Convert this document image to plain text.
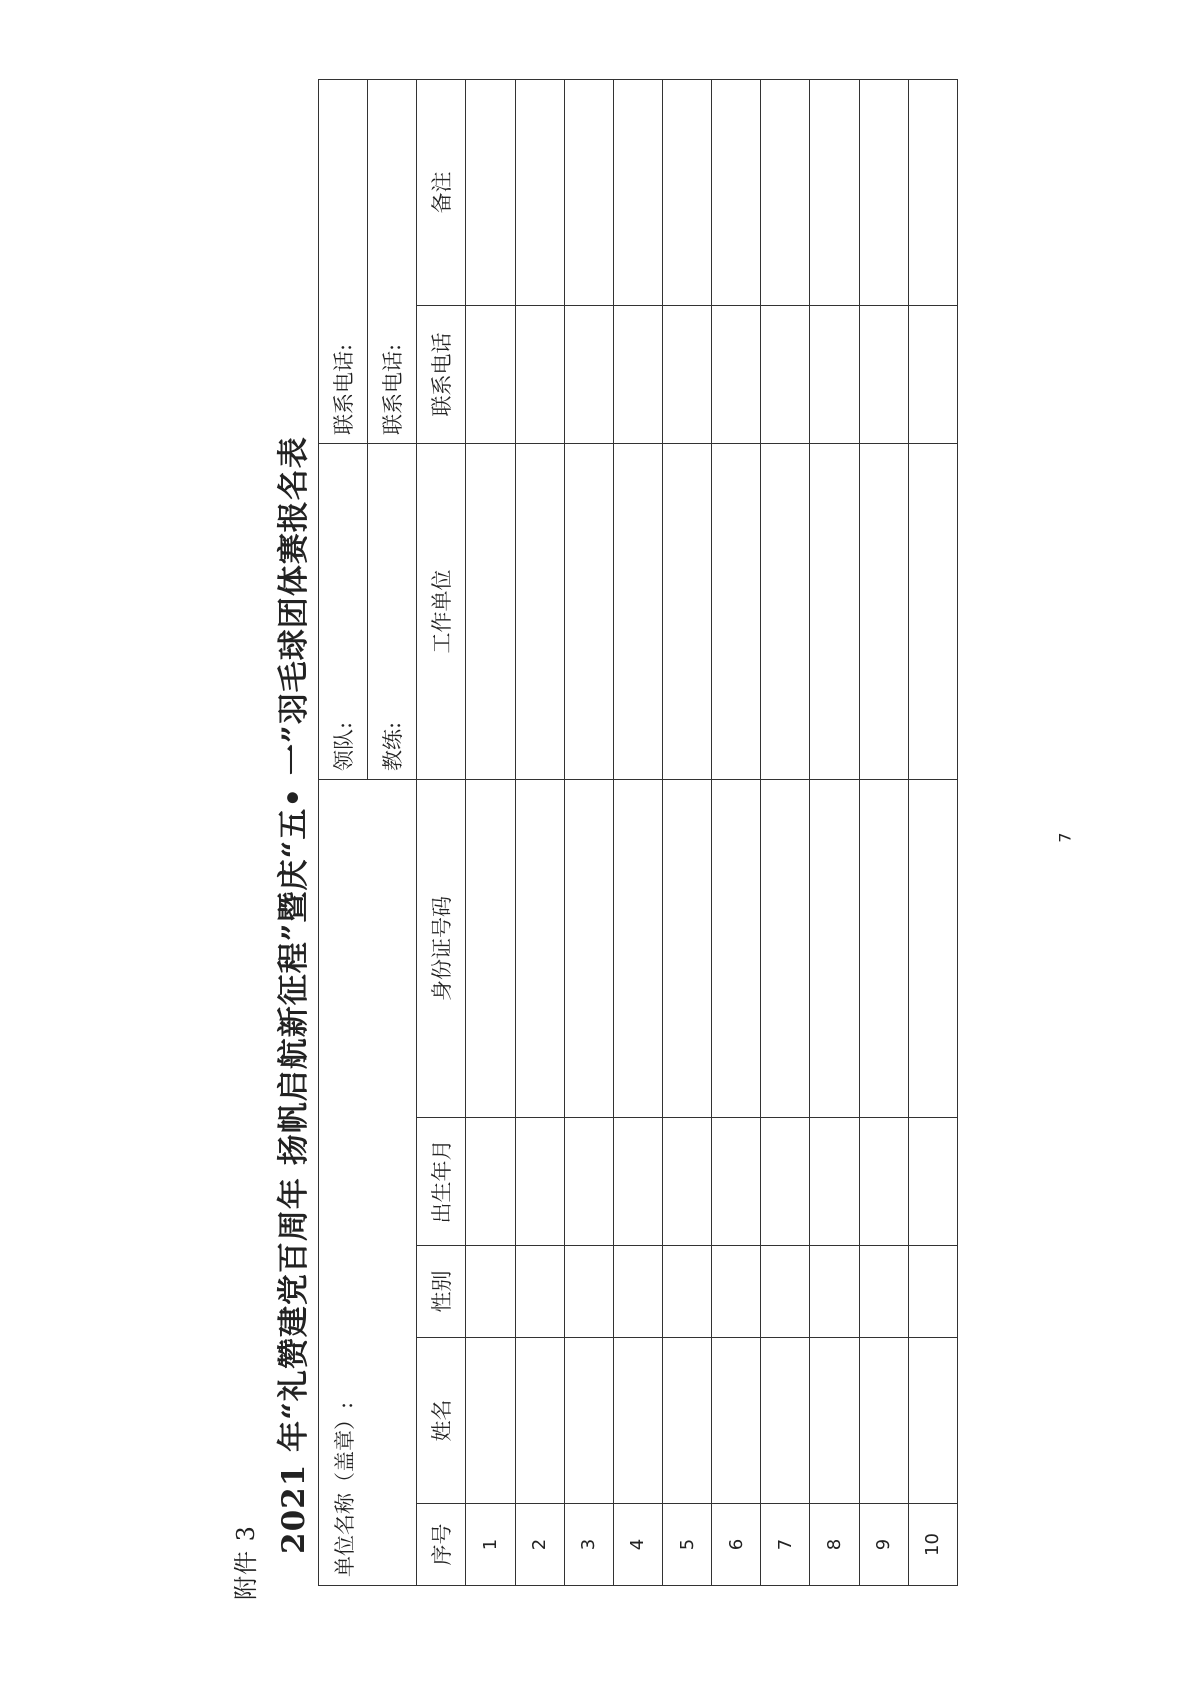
附件 3
2021 年“礼赞建党百周年 扬帆启航新征程”暨庆“五• 一”羽毛球团体赛报名表 单位名称（盖章）:					领队:	联系电话:	
					教练:	联系电话:	
序号	姓名	性别	出生年月	身份证号码	工作单位	联系电话	备注
1							
2							
3							
4							
5							
6							
7							
8							
9							
10							
7
